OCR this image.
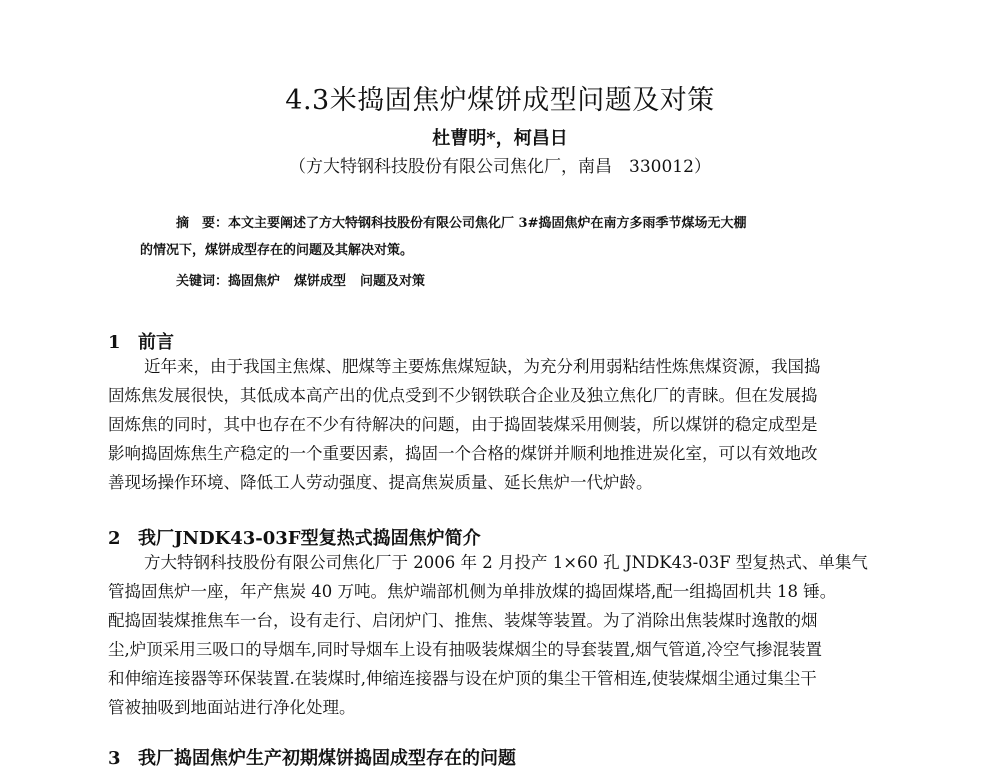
4.3米捣固焦炉煤饼成型问题及对策
杜曹明*，柯昌日
（方大特钢科技股份有限公司焦化厂，南昌　330012）
摘　要：本文主要阐述了方大特钢科技股份有限公司焦化厂 3#捣固焦炉在南方多雨季节煤场无大棚
的情况下，煤饼成型存在的问题及其解决对策。
关键词：捣固焦炉 煤饼成型 问题及对策
1 前言
近年来，由于我国主焦煤、肥煤等主要炼焦煤短缺，为充分利用弱粘结性炼焦煤资源，我国捣
固炼焦发展很快，其低成本高产出的优点受到不少钢铁联合企业及独立焦化厂的青睐。但在发展捣
固炼焦的同时，其中也存在不少有待解决的问题，由于捣固装煤采用侧装，所以煤饼的稳定成型是
影响捣固炼焦生产稳定的一个重要因素，捣固一个合格的煤饼并顺利地推进炭化室，可以有效地改
善现场操作环境、降低工人劳动强度、提高焦炭质量、延长焦炉一代炉龄。
2 我厂JNDK43-03F型复热式捣固焦炉简介
方大特钢科技股份有限公司焦化厂于 2006 年 2 月投产 1×60 孔 JNDK43-03F 型复热式、单集气
管捣固焦炉一座，年产焦炭 40 万吨。焦炉端部机侧为单排放煤的捣固煤塔,配一组捣固机共 18 锤。
配捣固装煤推焦车一台，设有走行、启闭炉门、推焦、装煤等装置。为了消除出焦装煤时逸散的烟
尘,炉顶采用三吸口的导烟车,同时导烟车上设有抽吸装煤烟尘的导套装置,烟气管道,冷空气掺混装置
和伸缩连接器等环保装置.在装煤时,伸缩连接器与设在炉顶的集尘干管相连,使装煤烟尘通过集尘干
管被抽吸到地面站进行净化处理。
3 我厂捣固焦炉生产初期煤饼捣固成型存在的问题
